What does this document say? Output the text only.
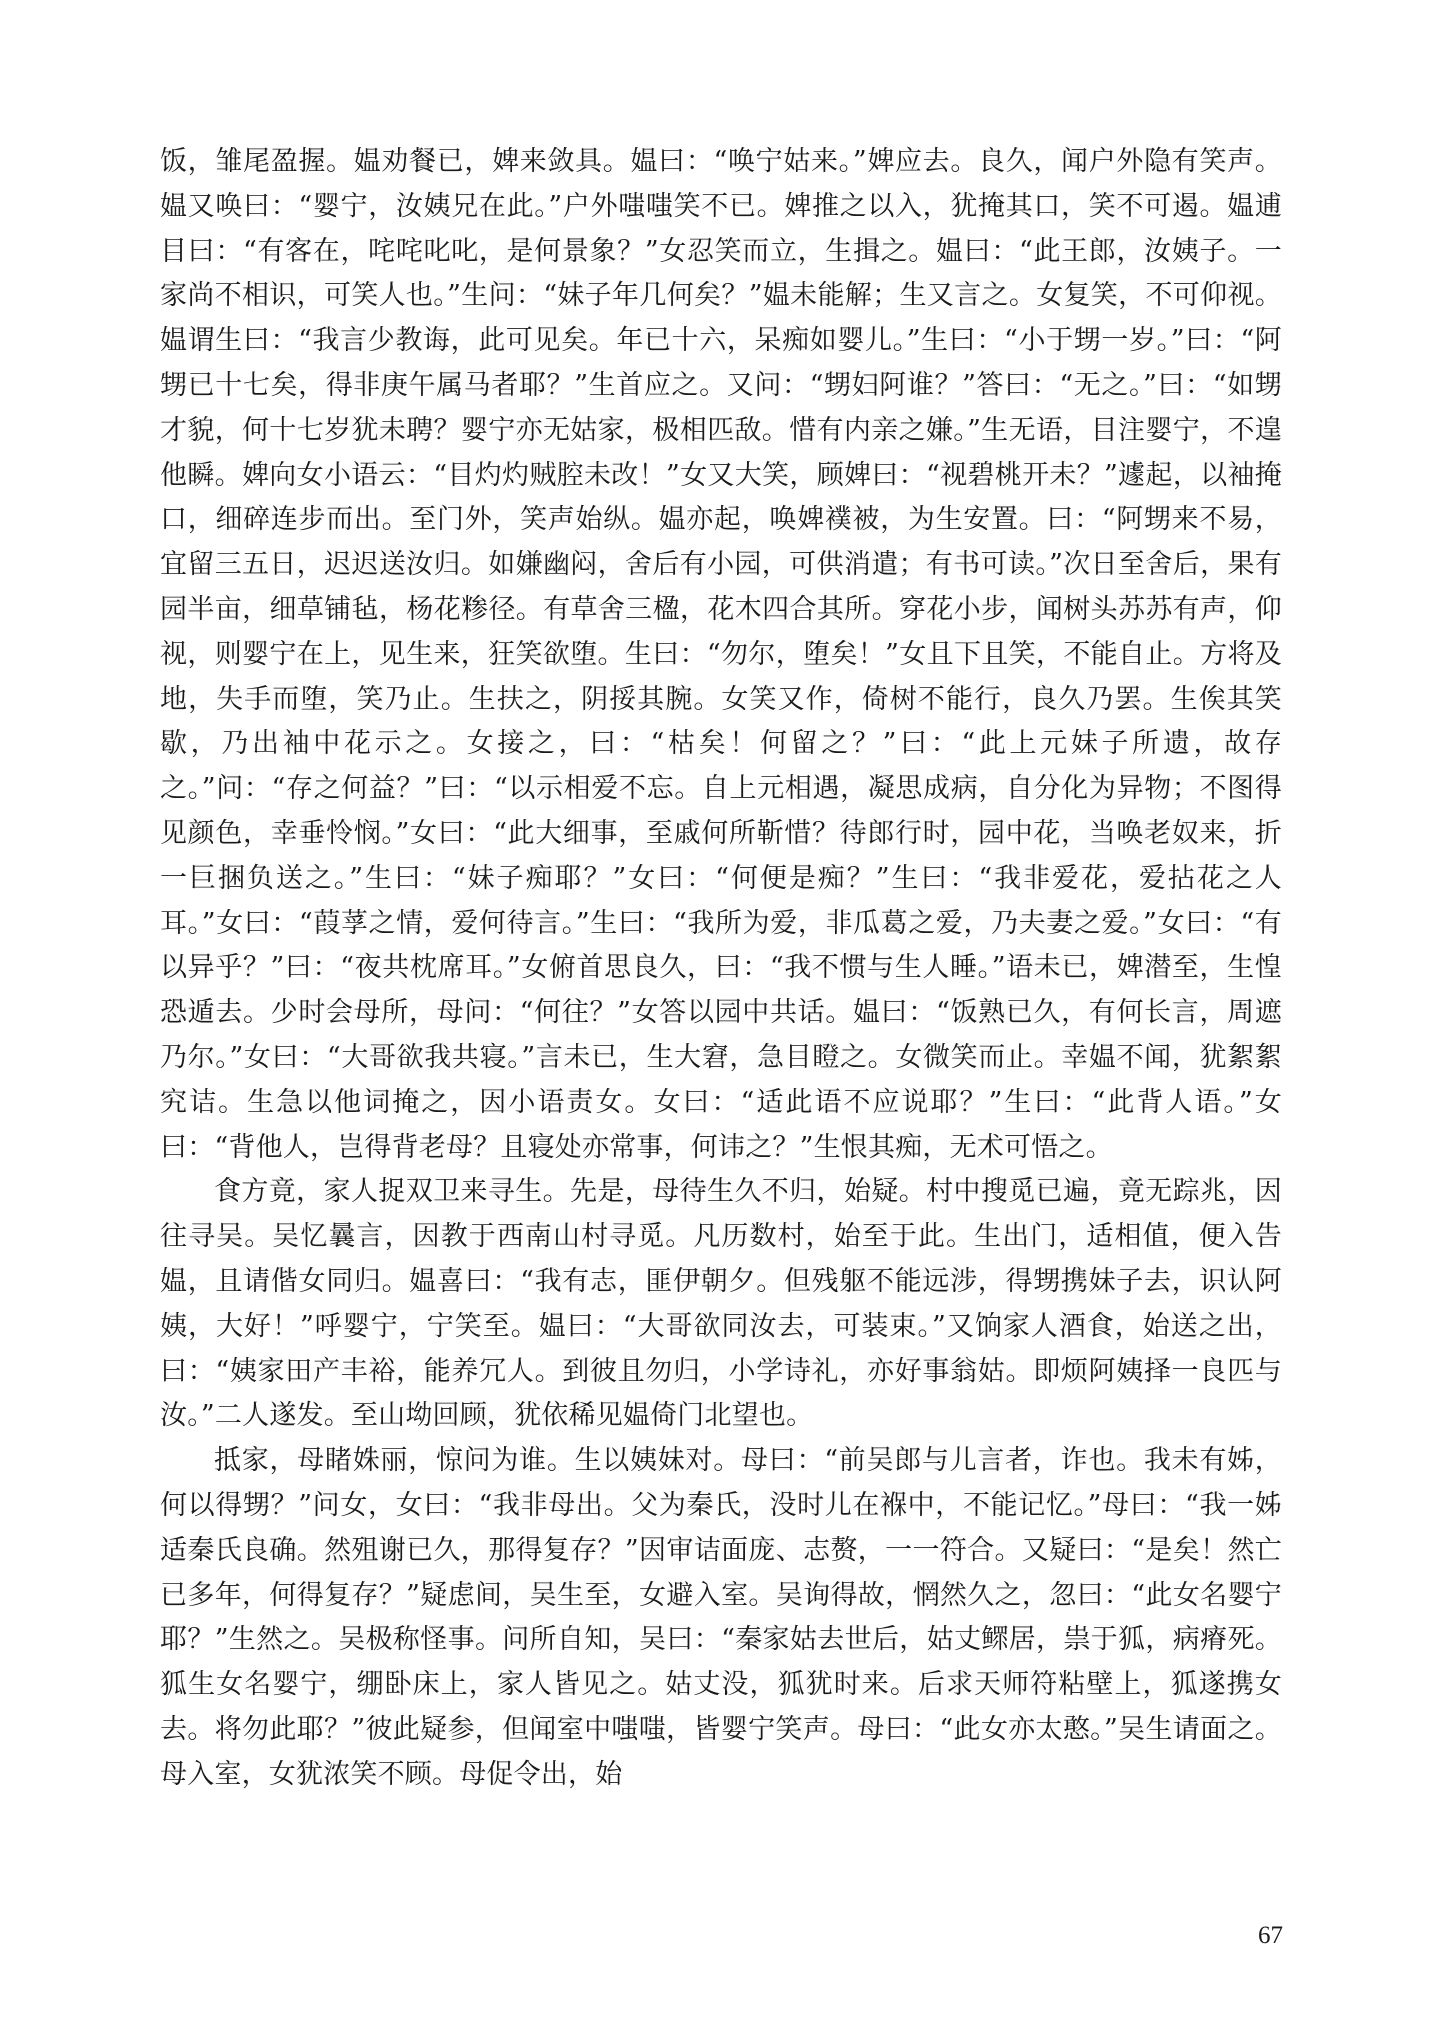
饭，雏尾盈握。媪劝餐已，婢来敛具。媪曰：“唤宁姑来。”婢应去。良久，闻户外隐有笑声。媪又唤曰：“婴宁，汝姨兄在此。”户外嗤嗤笑不已。婢推之以入，犹掩其口，笑不可遏。媪逋目曰：“有客在，咤咤叱叱，是何景象？”女忍笑而立，生揖之。媪曰：“此王郎，汝姨子。一家尚不相识，可笑人也。”生问：“妹子年几何矣？”媪未能解；生又言之。女复笑，不可仰视。媪谓生曰：“我言少教诲，此可见矣。年已十六，呆痴如婴儿。”生曰：“小于甥一岁。”曰：“阿甥已十七矣，得非庚午属马者耶？”生首应之。又问：“甥妇阿谁？”答曰：“无之。”曰：“如甥才貌，何十七岁犹未聘？婴宁亦无姑家，极相匹敌。惜有内亲之嫌。”生无语，目注婴宁，不遑他瞬。婢向女小语云：“目灼灼贼腔未改！”女又大笑，顾婢曰：“视碧桃开未？”遽起，以袖掩口，细碎连步而出。至门外，笑声始纵。媪亦起，唤婢襆被，为生安置。曰：“阿甥来不易，宜留三五日，迟迟送汝归。如嫌幽闷，舍后有小园，可供消遣；有书可读。”次日至舍后，果有园半亩，细草铺毡，杨花糁径。有草舍三楹，花木四合其所。穿花小步，闻树头苏苏有声，仰视，则婴宁在上，见生来，狂笑欲堕。生曰：“勿尔，堕矣！”女且下且笑，不能自止。方将及地，失手而堕，笑乃止。生扶之，阴挼其腕。女笑又作，倚树不能行，良久乃罢。生俟其笑歇，乃出袖中花示之。女接之，曰：“枯矣！何留之？”曰：“此上元妹子所遗，故存之。”问：“存之何益？”曰：“以示相爱不忘。自上元相遇，凝思成病，自分化为异物；不图得见颜色，幸垂怜悯。”女曰：“此大细事，至戚何所靳惜？待郎行时，园中花，当唤老奴来，折一巨捆负送之。”生曰：“妹子痴耶？”女曰：“何便是痴？”生曰：“我非爱花，爱拈花之人耳。”女曰：“葭莩之情，爱何待言。”生曰：“我所为爱，非瓜葛之爱，乃夫妻之爱。”女曰：“有以异乎？”曰：“夜共枕席耳。”女俯首思良久，曰：“我不惯与生人睡。”语未已，婢潜至，生惶恐遁去。少时会母所，母问：“何往？”女答以园中共话。媪曰：“饭熟已久，有何长言，周遮乃尔。”女曰：“大哥欲我共寝。”言未已，生大窘，急目瞪之。女微笑而止。幸媪不闻，犹絮絮究诘。生急以他词掩之，因小语责女。女曰：“适此语不应说耶？”生曰：“此背人语。”女曰：“背他人，岂得背老母？且寝处亦常事，何讳之？”生恨其痴，无术可悟之。

食方竟，家人捉双卫来寻生。先是，母待生久不归，始疑。村中搜觅已遍，竟无踪兆，因往寻吴。吴忆曩言，因教于西南山村寻觅。凡历数村，始至于此。生出门，适相值，便入告媪，且请偕女同归。媪喜曰：“我有志，匪伊朝夕。但残躯不能远涉，得甥携妹子去，识认阿姨，大好！”呼婴宁，宁笑至。媪曰：“大哥欲同汝去，可装束。”又饷家人酒食，始送之出，曰：“姨家田产丰裕，能养冗人。到彼且勿归，小学诗礼，亦好事翁姑。即烦阿姨择一良匹与汝。”二人遂发。至山坳回顾，犹依稀见媪倚门北望也。

抵家，母睹姝丽，惊问为谁。生以姨妹对。母曰：“前吴郎与儿言者，诈也。我未有姊，何以得甥？”问女，女曰：“我非母出。父为秦氏，没时儿在褓中，不能记忆。”母曰：“我一姊适秦氏良确。然殂谢已久，那得复存？”因审诘面庞、志赘，一一符合。又疑曰：“是矣！然亡已多年，何得复存？”疑虑间，吴生至，女避入室。吴询得故，惘然久之，忽曰：“此女名婴宁耶？”生然之。吴极称怪事。问所自知，吴曰：“秦家姑去世后，姑丈鳏居，祟于狐，病瘠死。狐生女名婴宁，绷卧床上，家人皆见之。姑丈没，狐犹时来。后求天师符粘壁上，狐遂携女去。将勿此耶？”彼此疑参，但闻室中嗤嗤，皆婴宁笑声。母曰：“此女亦太憨。”吴生请面之。母入室，女犹浓笑不顾。母促令出，始

67
